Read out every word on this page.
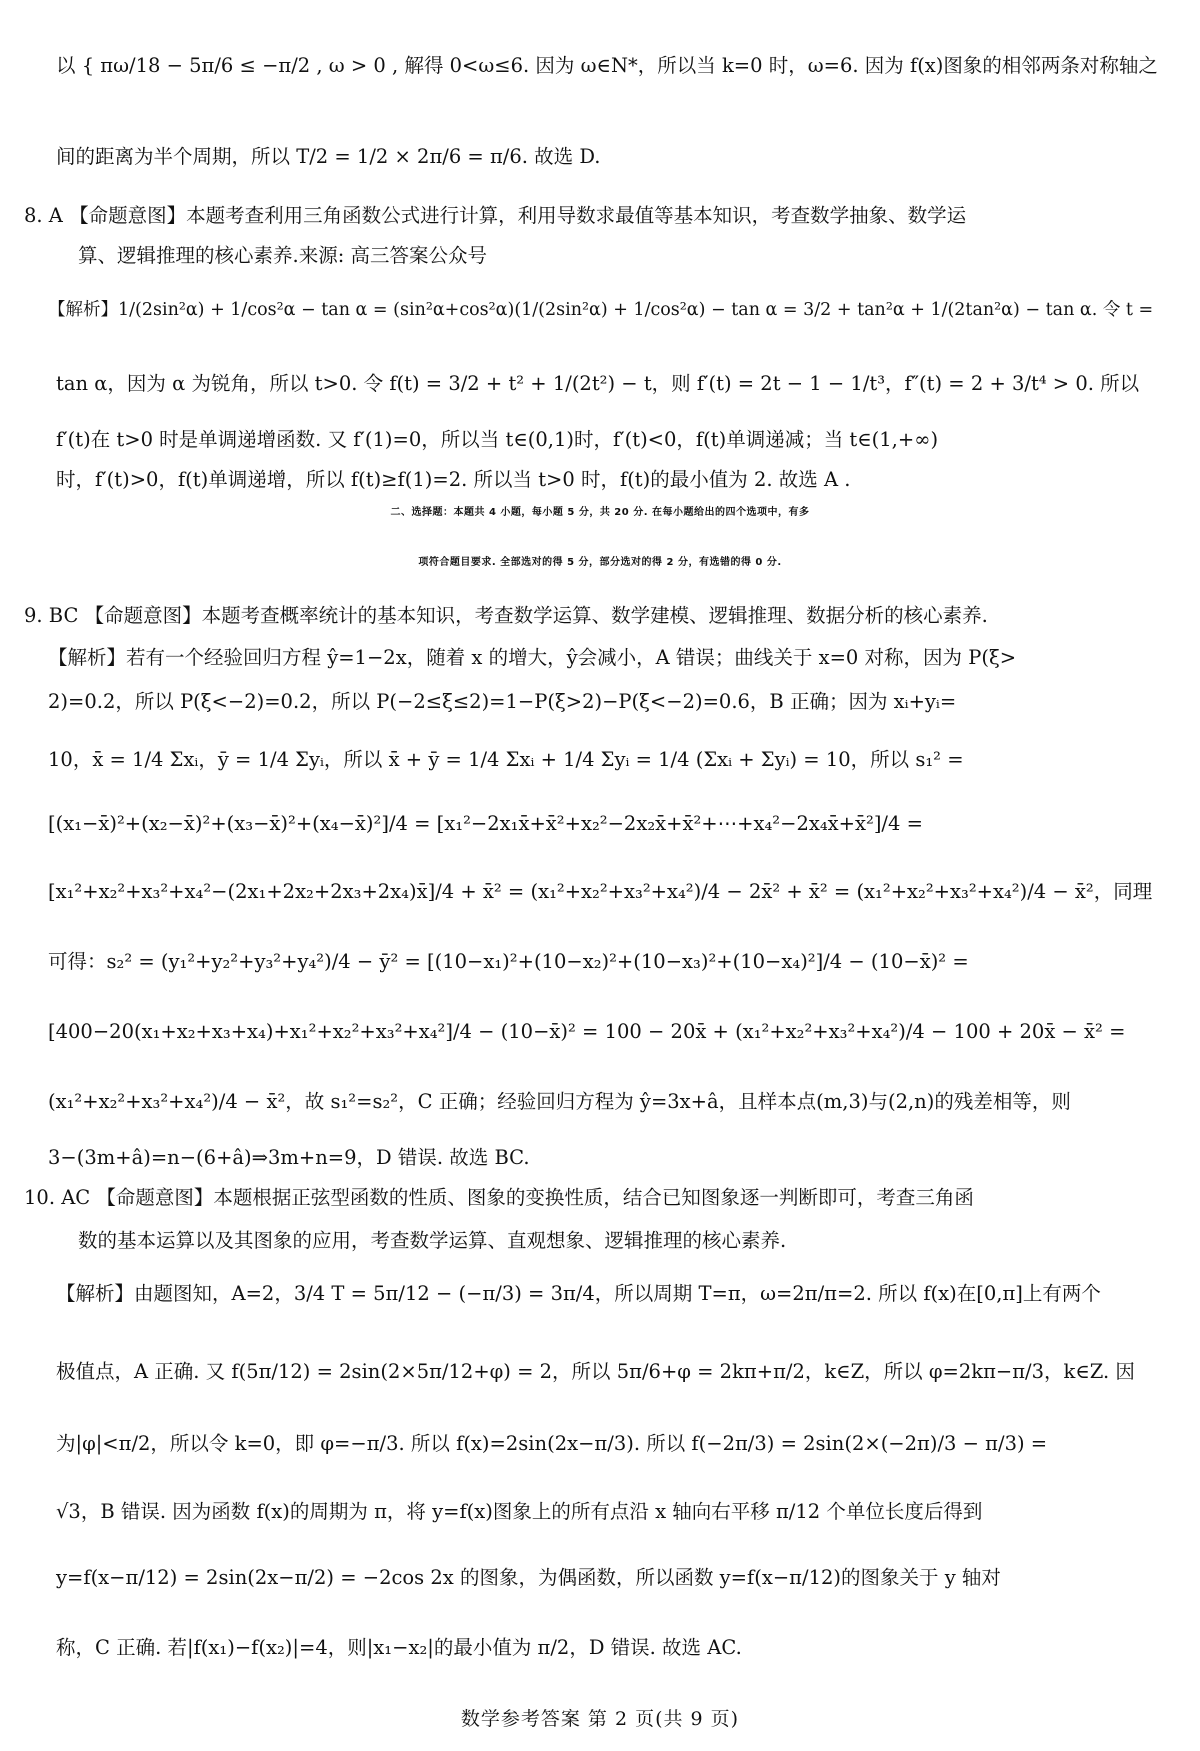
以 { πω/18 − 5π/6 ≤ −π/2 , ω > 0 , 解得 0<ω≤6. 因为 ω∈N*，所以当 k=0 时，ω=6. 因为 f(x)图象的相邻两条对称轴之
间的距离为半个周期，所以 T/2 = 1/2 × 2π/6 = π/6. 故选 D.
8. A 【命题意图】本题考查利用三角函数公式进行计算，利用导数求最值等基本知识，考查数学抽象、数学运
算、逻辑推理的核心素养.来源: 高三答案公众号
【解析】1/(2sin²α) + 1/cos²α − tan α = (sin²α+cos²α)(1/(2sin²α) + 1/cos²α) − tan α = 3/2 + tan²α + 1/(2tan²α) − tan α. 令 t =
tan α，因为 α 为锐角，所以 t>0. 令 f(t) = 3/2 + t² + 1/(2t²) − t，则 f′(t) = 2t − 1 − 1/t³，f″(t) = 2 + 3/t⁴ > 0. 所以
f′(t)在 t>0 时是单调递增函数. 又 f′(1)=0，所以当 t∈(0,1)时，f′(t)<0，f(t)单调递减；当 t∈(1,+∞)
时，f′(t)>0，f(t)单调递增，所以 f(t)≥f(1)=2. 所以当 t>0 时，f(t)的最小值为 2. 故选 A .
二、选择题：本题共 4 小题，每小题 5 分，共 20 分. 在每小题给出的四个选项中，有多
项符合题目要求. 全部选对的得 5 分，部分选对的得 2 分，有选错的得 0 分.
9. BC 【命题意图】本题考查概率统计的基本知识，考查数学运算、数学建模、逻辑推理、数据分析的核心素养.
【解析】若有一个经验回归方程 ŷ=1−2x，随着 x 的增大，ŷ会减小，A 错误；曲线关于 x=0 对称，因为 P(ξ>
2)=0.2，所以 P(ξ<−2)=0.2，所以 P(−2≤ξ≤2)=1−P(ξ>2)−P(ξ<−2)=0.6，B 正确；因为 xᵢ+yᵢ=
10，x̄ = 1/4 Σxᵢ，ȳ = 1/4 Σyᵢ，所以 x̄ + ȳ = 1/4 Σxᵢ + 1/4 Σyᵢ = 1/4 (Σxᵢ + Σyᵢ) = 10，所以 s₁² =
[(x₁−x̄)²+(x₂−x̄)²+(x₃−x̄)²+(x₄−x̄)²]/4 = [x₁²−2x₁x̄+x̄²+x₂²−2x₂x̄+x̄²+⋯+x₄²−2x₄x̄+x̄²]/4 =
[x₁²+x₂²+x₃²+x₄²−(2x₁+2x₂+2x₃+2x₄)x̄]/4 + x̄² = (x₁²+x₂²+x₃²+x₄²)/4 − 2x̄² + x̄² = (x₁²+x₂²+x₃²+x₄²)/4 − x̄²，同理
可得：s₂² = (y₁²+y₂²+y₃²+y₄²)/4 − ȳ² = [(10−x₁)²+(10−x₂)²+(10−x₃)²+(10−x₄)²]/4 − (10−x̄)² =
[400−20(x₁+x₂+x₃+x₄)+x₁²+x₂²+x₃²+x₄²]/4 − (10−x̄)² = 100 − 20x̄ + (x₁²+x₂²+x₃²+x₄²)/4 − 100 + 20x̄ − x̄² =
(x₁²+x₂²+x₃²+x₄²)/4 − x̄²，故 s₁²=s₂²，C 正确；经验回归方程为 ŷ=3x+â，且样本点(m,3)与(2,n)的残差相等，则
3−(3m+â)=n−(6+â)⇒3m+n=9，D 错误. 故选 BC.
10. AC 【命题意图】本题根据正弦型函数的性质、图象的变换性质，结合已知图象逐一判断即可，考查三角函
数的基本运算以及其图象的应用，考查数学运算、直观想象、逻辑推理的核心素养.
【解析】由题图知，A=2，3/4 T = 5π/12 − (−π/3) = 3π/4，所以周期 T=π，ω=2π/π=2. 所以 f(x)在[0,π]上有两个
极值点，A 正确. 又 f(5π/12) = 2sin(2×5π/12+φ) = 2，所以 5π/6+φ = 2kπ+π/2，k∈Z，所以 φ=2kπ−π/3，k∈Z. 因
为|φ|<π/2，所以令 k=0，即 φ=−π/3. 所以 f(x)=2sin(2x−π/3). 所以 f(−2π/3) = 2sin(2×(−2π)/3 − π/3) =
√3，B 错误. 因为函数 f(x)的周期为 π，将 y=f(x)图象上的所有点沿 x 轴向右平移 π/12 个单位长度后得到
y=f(x−π/12) = 2sin(2x−π/2) = −2cos 2x 的图象，为偶函数，所以函数 y=f(x−π/12)的图象关于 y 轴对
称，C 正确. 若|f(x₁)−f(x₂)|=4，则|x₁−x₂|的最小值为 π/2，D 错误. 故选 AC.
数学参考答案 第 2 页(共 9 页)
